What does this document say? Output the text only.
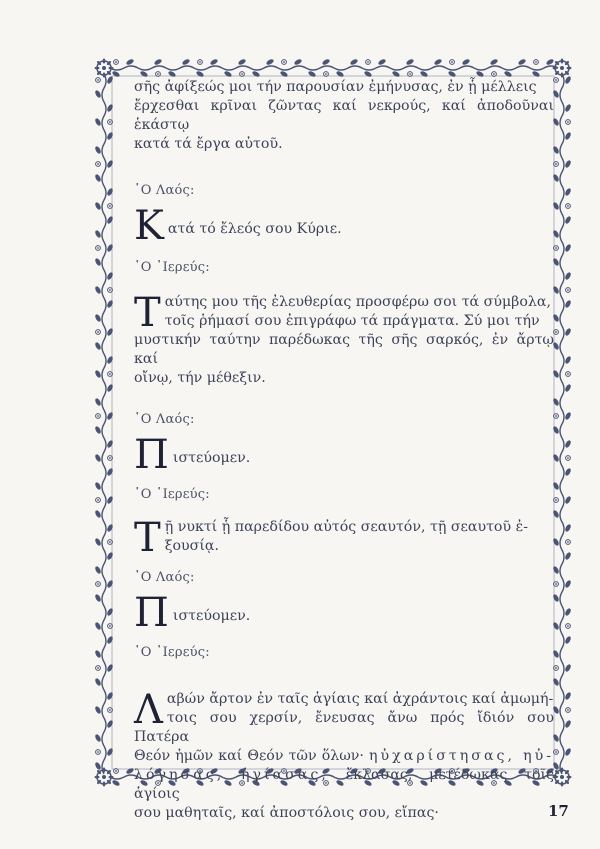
σῆς ἀφίξεώς μοι τήν παρουσίαν ἐμήνυσας, ἐν ᾗ μέλλεις
ἔρχεσθαι κρῖναι ζῶντας καί νεκρούς, καί ἀποδοῦναι ἑκάστῳ
κατά τά ἔργα αὐτοῦ.
῾Ο Λαός:
Κ ατά τό ἔλεός σου Κύριε.
῾Ο ῾Ιερεύς:
Τ αύτης μου τῆς ἐλευθερίας προσφέρω σοι τά σύμβολα,
τοῖς ῥήμασί σου ἐπιγράφω τά πράγματα. Σύ μοι τήν
μυστικήν ταύτην παρέδωκας τῆς σῆς σαρκός, ἐν ἄρτῳ καί
οἴνῳ, τήν μέθεξιν.
῾Ο Λαός:
Π ιστεύομεν.
῾Ο ῾Ιερεύς:
Τ ῇ νυκτί ᾗ παρεδίδου αὐτός σεαυτόν, τῇ σεαυτοῦ ἐ-
ξουσίᾳ.
῾Ο Λαός:
Π ιστεύομεν.
῾Ο ῾Ιερεύς:
Λ αβών ἄρτον ἐν ταῖς ἁγίαις καί ἀχράντοις καί ἀμωμή-
τοις σου χερσίν, ἔνευσας ἄνω πρός ἴδιόν σου Πατέρα
Θεόν ἡμῶν καί Θεόν τῶν ὅλων· ηὐχαρίστησας, ηὐ-
λόγησας, ἡγίασας, ἔκλασας, μετέδωκας τοῖς ἁγίοις
σου μαθηταῖς, καί ἀποστόλοις σου, εἴπας·	17
